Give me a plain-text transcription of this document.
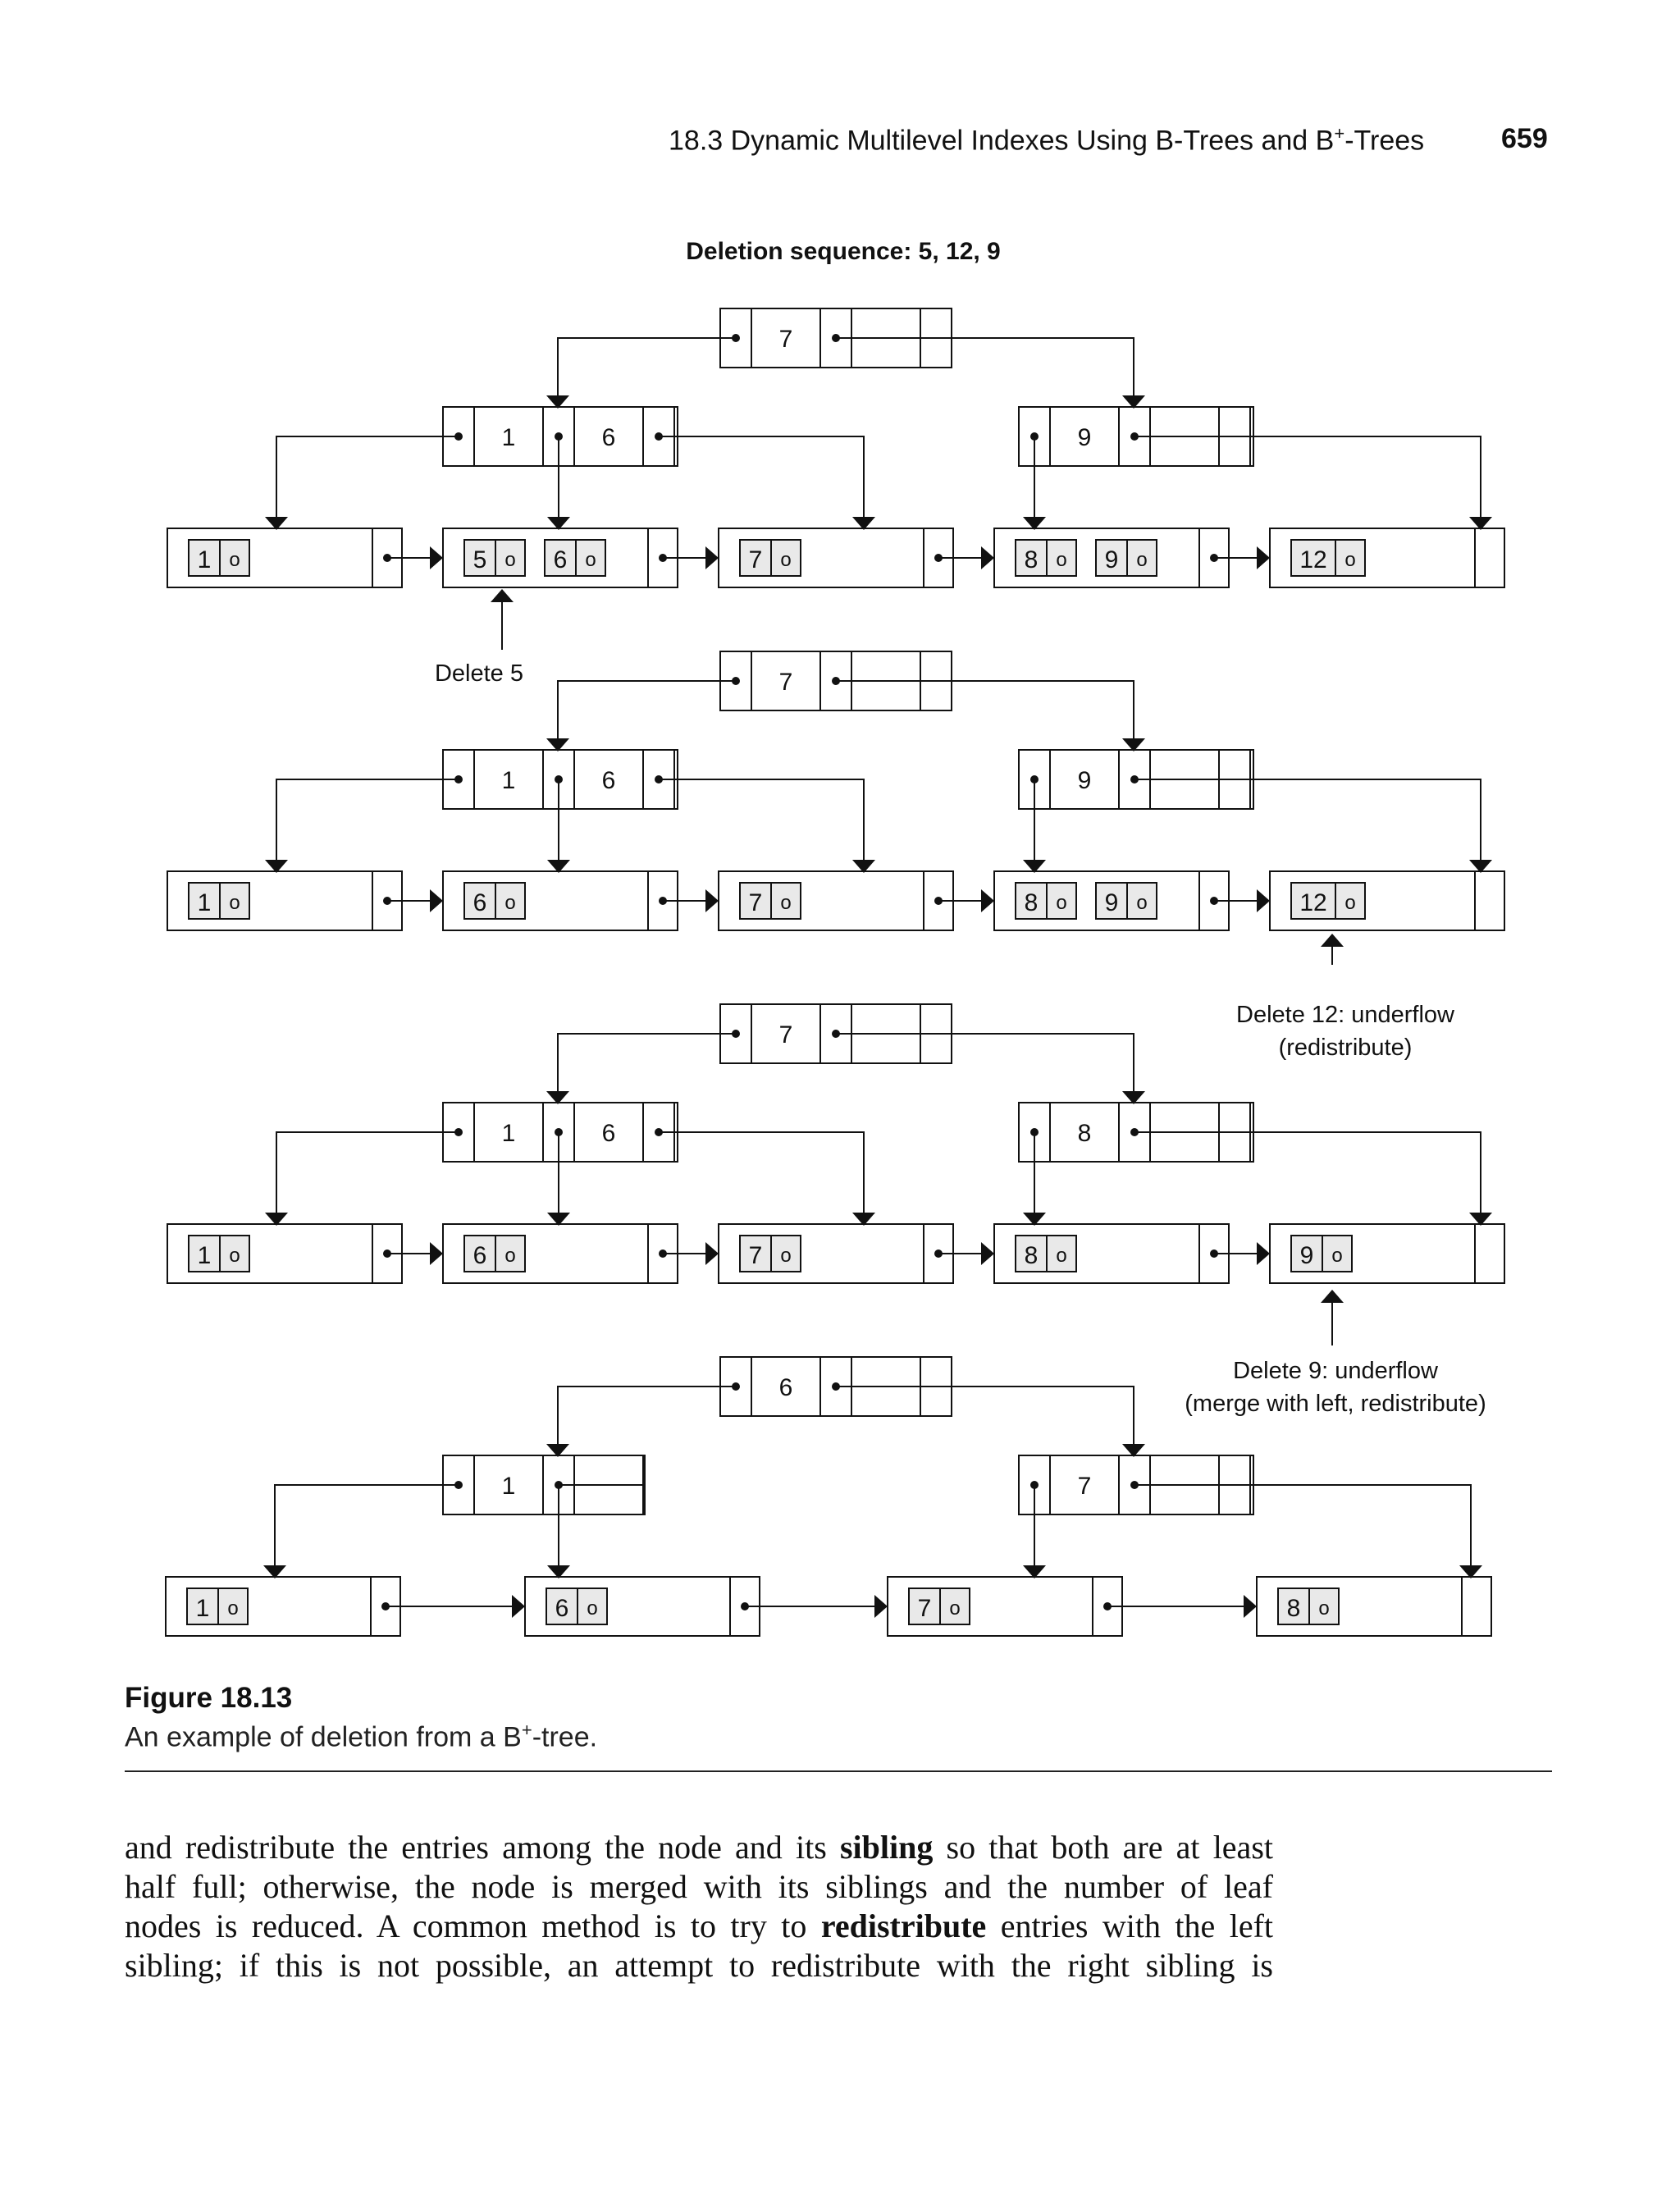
18.3 Dynamic Multilevel Indexes Using B-Trees and B+-Trees	659
Deletion sequence: 5, 12, 9
7
1	6	9
1 o	5 o 6 o	7 o	8 o 9 o	12 o
7
1	6	9
1 o	6 o	7 o	8 o 9 o	12 o
7
1	6	8
1 o	6 o	7 o	8 o	9 o
6
1	7
1 o	6 o	7 o	8 o
Delete 5
Delete 12: underflow
(redistribute)
Delete 9: underflow
(merge with left, redistribute)
Figure 18.13
An example of deletion from a B+-tree.
and redistribute the entries among the node and its sibling so that both are at least
half full; otherwise, the node is merged with its siblings and the number of leaf
nodes is reduced. A common method is to try to redistribute entries with the left
sibling; if this is not possible, an attempt to redistribute with the right sibling is
